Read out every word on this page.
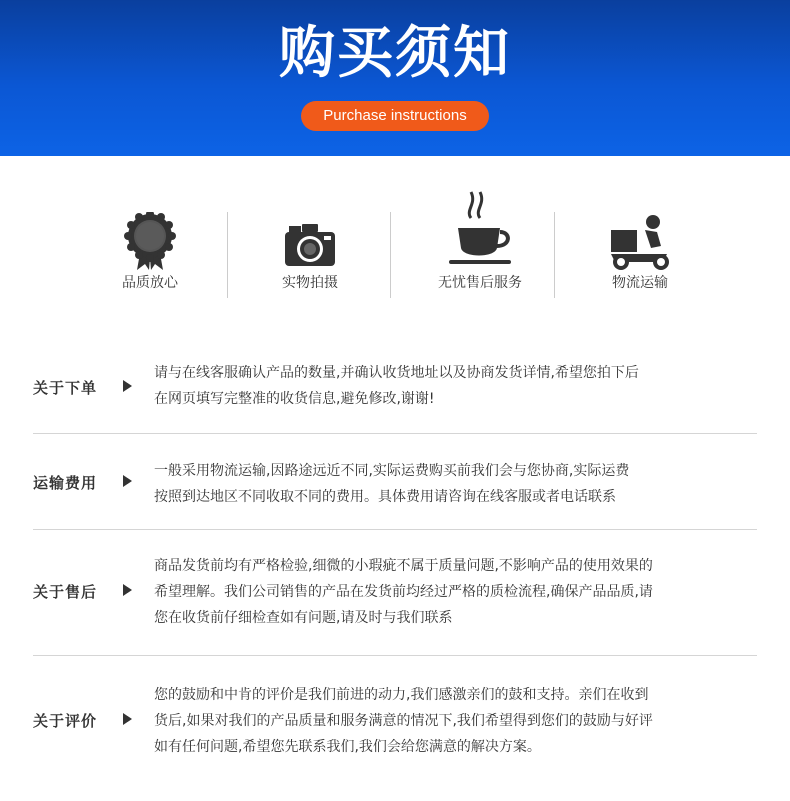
购买须知
Purchase instructions
品质放心	实物拍摄	无忧售后服务	物流运输
关于下单
请与在线客服确认产品的数量,并确认收货地址以及协商发货详情,希望您拍下后
在网页填写完整准的收货信息,避免修改,谢谢!
运输费用
一般采用物流运输,因路途远近不同,实际运费购买前我们会与您协商,实际运费
按照到达地区不同收取不同的费用。具体费用请咨询在线客服或者电话联系
关于售后
商品发货前均有严格检验,细微的小瑕疵不属于质量问题,不影响产品的使用效果的
希望理解。我们公司销售的产品在发货前均经过严格的质检流程,确保产品品质,请
您在收货前仔细检查如有问题,请及时与我们联系
关于评价
您的鼓励和中肯的评价是我们前进的动力,我们感激亲们的鼓和支持。亲们在收到
货后,如果对我们的产品质量和服务满意的情况下,我们希望得到您们的鼓励与好评
如有任何问题,希望您先联系我们,我们会给您满意的解决方案。
